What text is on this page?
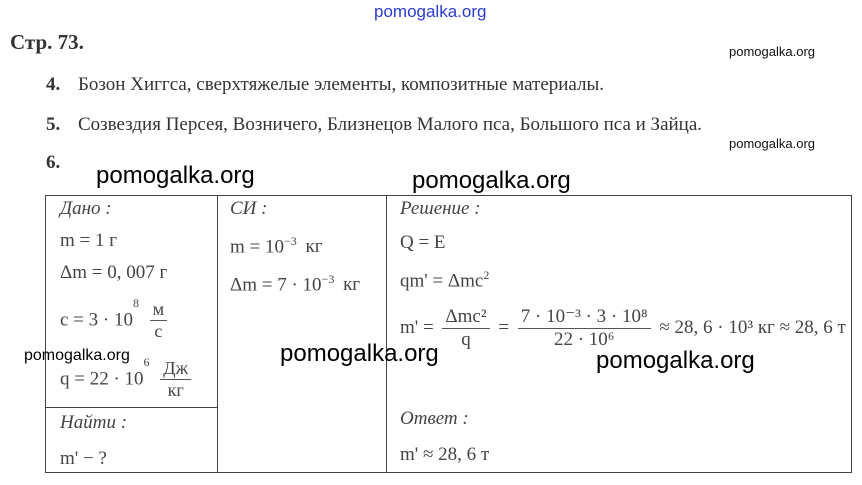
pomogalka.org
pomogalka.org
pomogalka.org
pomogalka.org	pomogalka.org
Стр. 73.
4. Бозон Хиггса, сверхтяжелые элементы, композитные материалы.
5. Созвездия Персея, Возничего, Близнецов Малого пса, Большого пса и Зайца.
6.
Дано :
m = 1 г
Δm = 0, 007 г
$c = 3 \cdot 10^8 \frac{м}{с}$
pomogalka.org
$q = 22 \cdot 10^6 \frac{Дж}{кг}$
Найти :
m' − ?
СИ :
$m = 10^{-3}$ кг
$\Delta m = 7 \cdot 10^{-3}$ кг
Решение :
Q = E
qm' = Δmc$^2$
$m' = \frac{\text{Δmc²}}{q} = \frac{\text{7 · 10⁻³ · 3 · 10⁸}}{\text{22 · 10⁶}} \approx 28$, 6 · 10³ кг ≈ 28, 6 т
pomogalka.org	pomogalka.org
Ответ :
m' ≈ 28, 6 т
